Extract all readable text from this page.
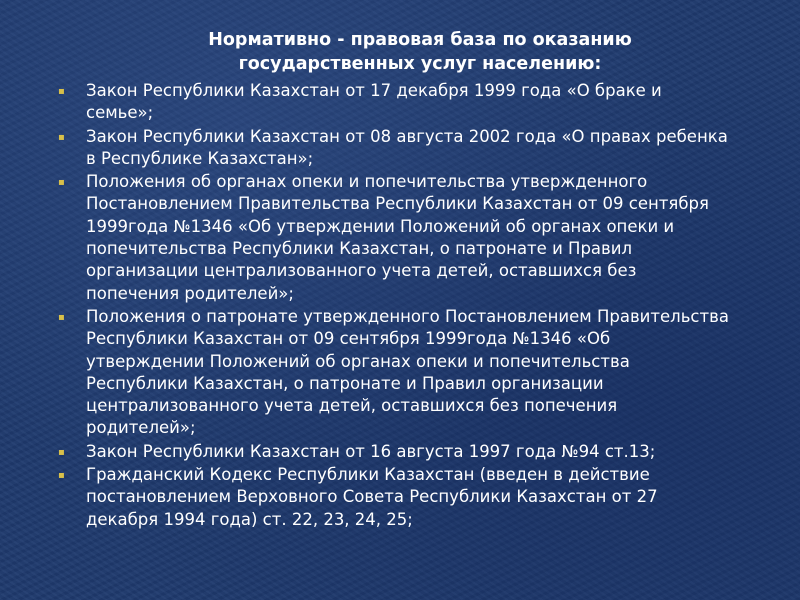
Нормативно - правовая база по оказанию
государственных услуг населению:
▪ Закон Республики Казахстан от 17 декабря 1999 года «О браке и
семье»;
▪ Закон Республики Казахстан от 08 августа 2002 года «О правах ребенка
в Республике Казахстан»;
▪ Положения об органах опеки и попечительства утвержденного
Постановлением Правительства Республики Казахстан от 09 сентября
1999года №1346 «Об утверждении Положений об органах опеки и
попечительства Республики Казахстан, о патронате и Правил
организации централизованного учета детей, оставшихся без
попечения родителей»;
▪ Положения о патронате утвержденного Постановлением Правительства
Республики Казахстан от 09 сентября 1999года №1346 «Об
утверждении Положений об органах опеки и попечительства
Республики Казахстан, о патронате и Правил организации
централизованного учета детей, оставшихся без попечения
родителей»;
▪ Закон Республики Казахстан от 16 августа 1997 года №94 ст.13;
▪ Гражданский Кодекс Республики Казахстан (введен в действие
постановлением Верховного Совета Республики Казахстан от 27
декабря 1994 года) ст. 22, 23, 24, 25;
